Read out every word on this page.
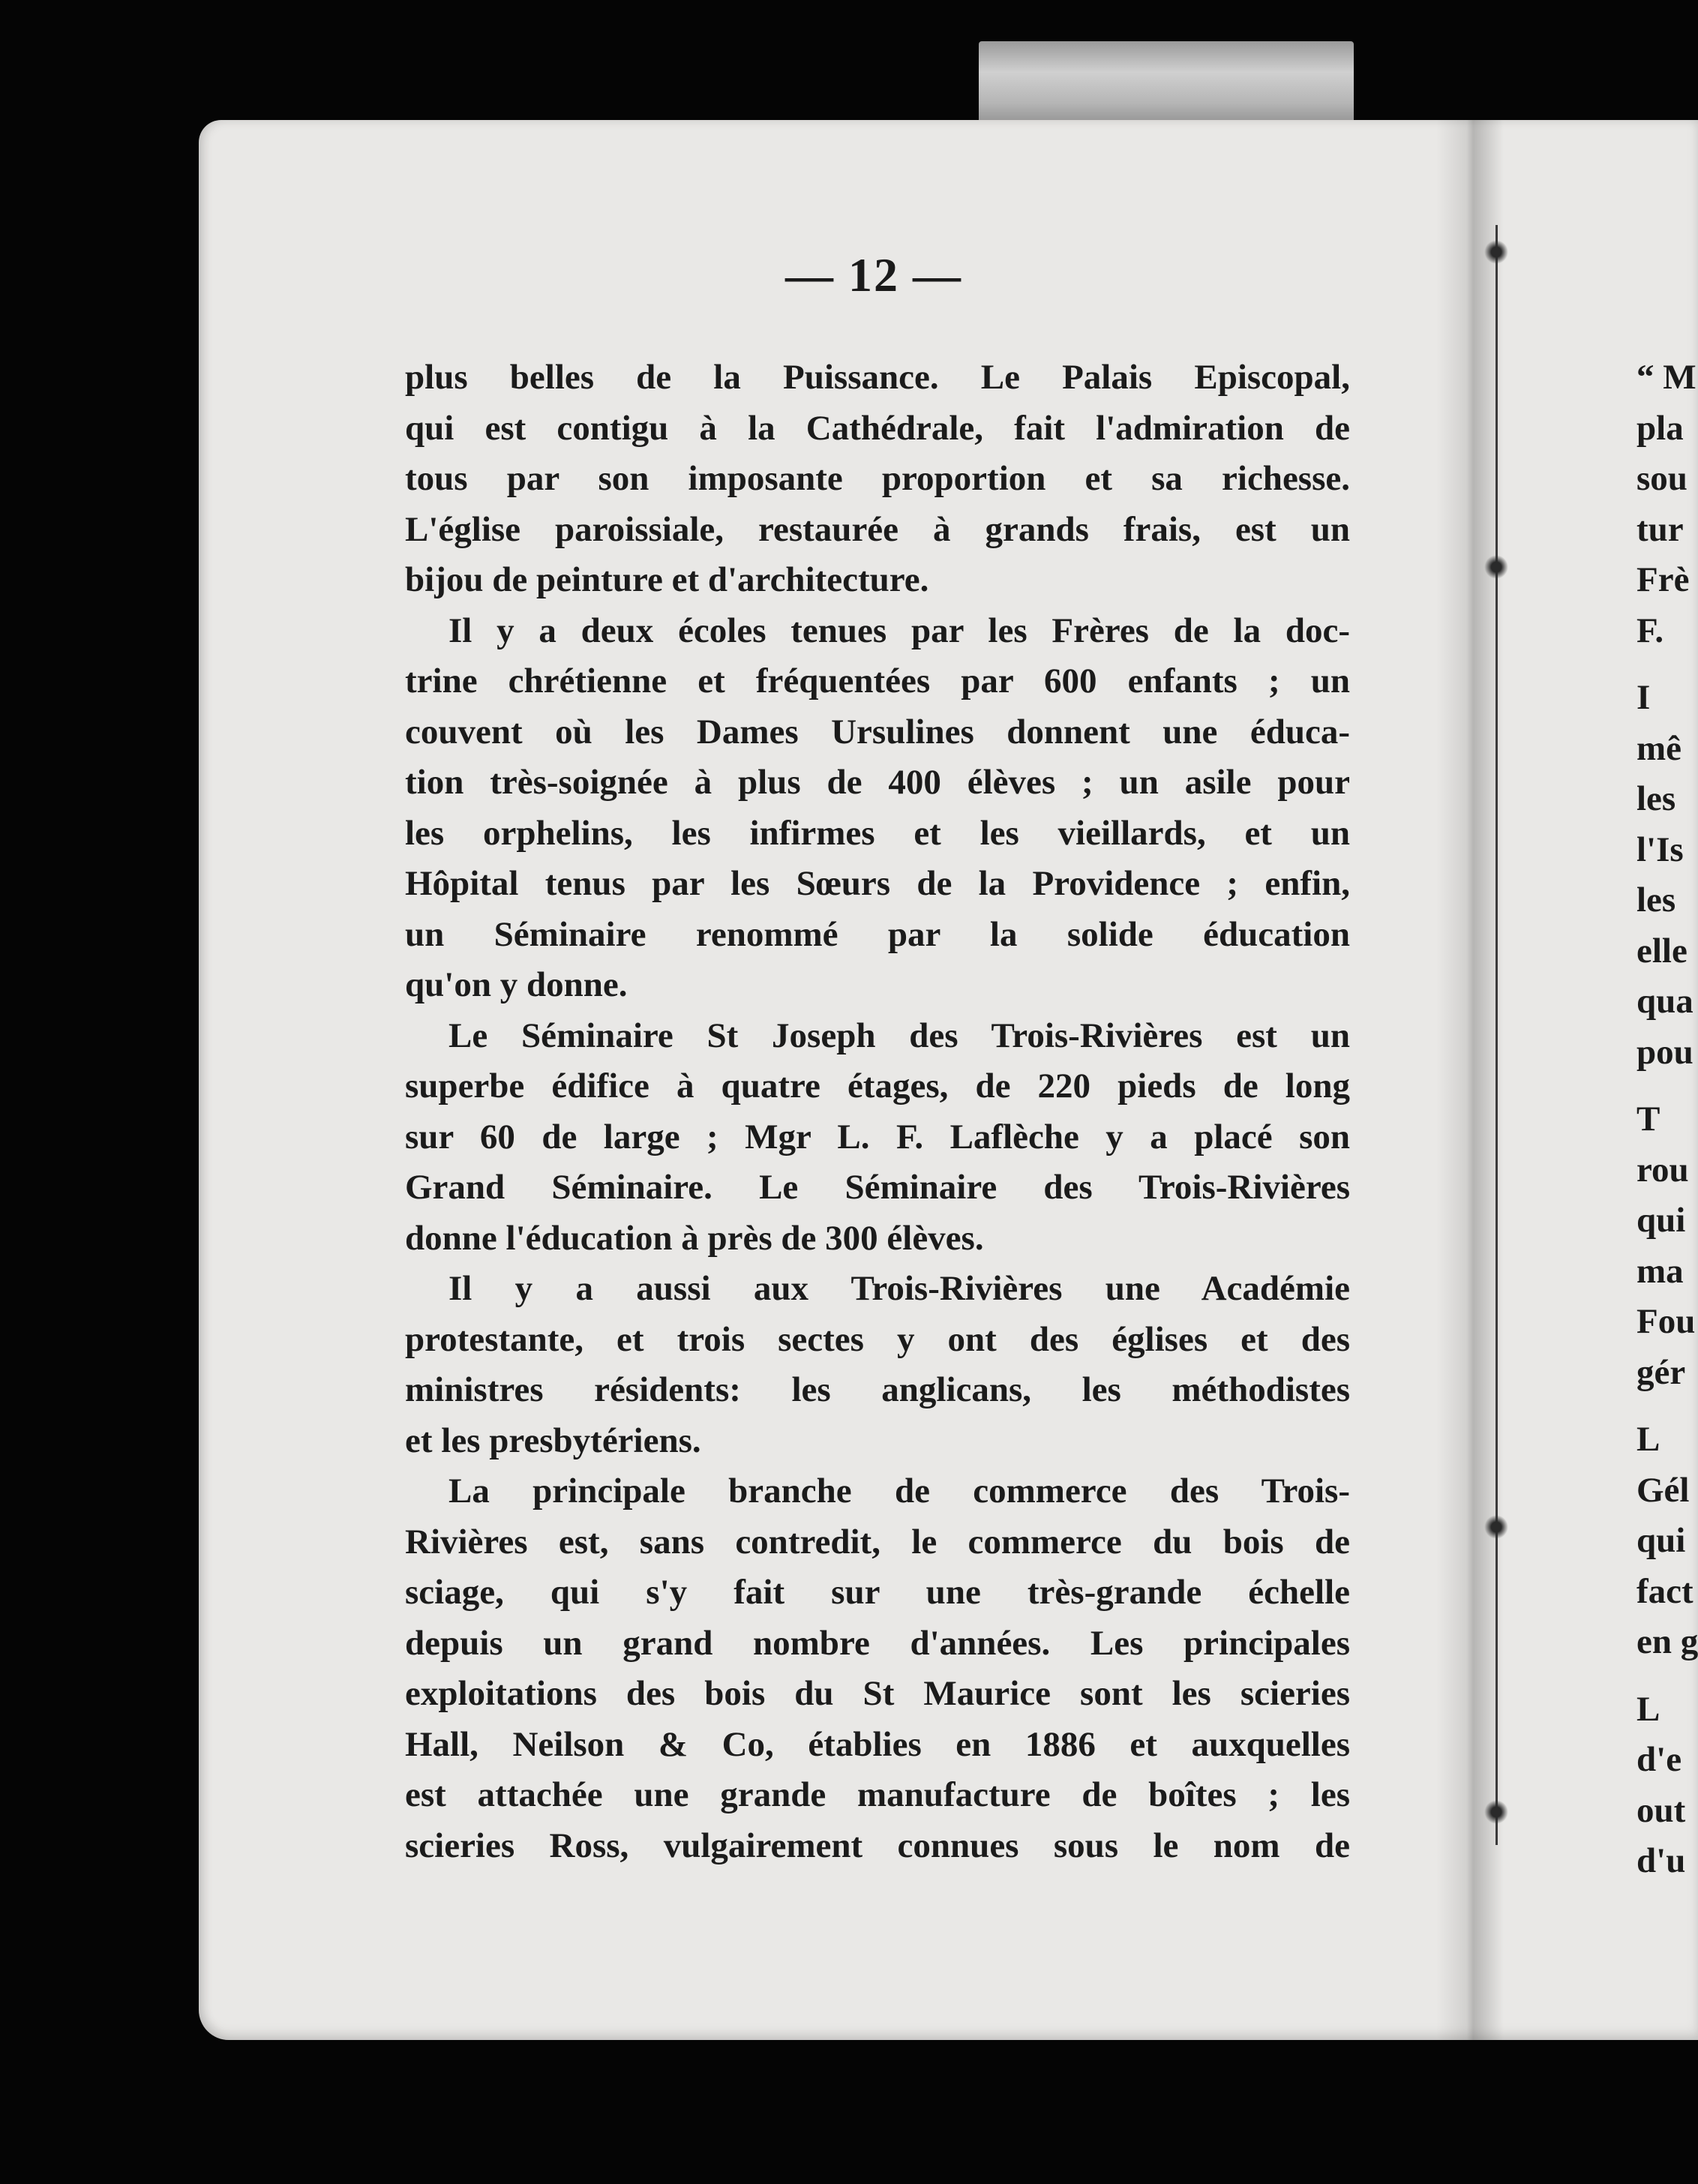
— 12 —
plus belles de la Puissance. Le Palais Episcopal,
qui est contigu à la Cathédrale, fait l'admiration de
tous par son imposante proportion et sa richesse.
L'église paroissiale, restaurée à grands frais, est un
bijou de peinture et d'architecture.
Il y a deux écoles tenues par les Frères de la doc-
trine chrétienne et fréquentées par 600 enfants ; un
couvent où les Dames Ursulines donnent une éduca-
tion très-soignée à plus de 400 élèves ; un asile pour
les orphelins, les infirmes et les vieillards, et un
Hôpital tenus par les Sœurs de la Providence ; enfin,
un Séminaire renommé par la solide éducation
qu'on y donne.
Le Séminaire St Joseph des Trois-Rivières est un
superbe édifice à quatre étages, de 220 pieds de long
sur 60 de large ; Mgr L. F. Laflèche y a placé son
Grand Séminaire. Le Séminaire des Trois-Rivières
donne l'éducation à près de 300 élèves.
Il y a aussi aux Trois-Rivières une Académie
protestante, et trois sectes y ont des églises et des
ministres résidents: les anglicans, les méthodistes
et les presbytériens.
La principale branche de commerce des Trois-
Rivières est, sans contredit, le commerce du bois de
sciage, qui s'y fait sur une très-grande échelle
depuis un grand nombre d'années. Les principales
exploitations des bois du St Maurice sont les scieries
Hall, Neilson & Co, établies en 1886 et auxquelles
est attachée une grande manufacture de boîtes ; les
scieries Ross, vulgairement connues sous le nom de
“ M
pla
sou
tur
Frè
F.
I
mê
les
l'Is
les
elle
qua
pou
T
rou
qui
ma
Fou
gér
L
Gél
qui
fact
en g
L
d'e
out
d'u
